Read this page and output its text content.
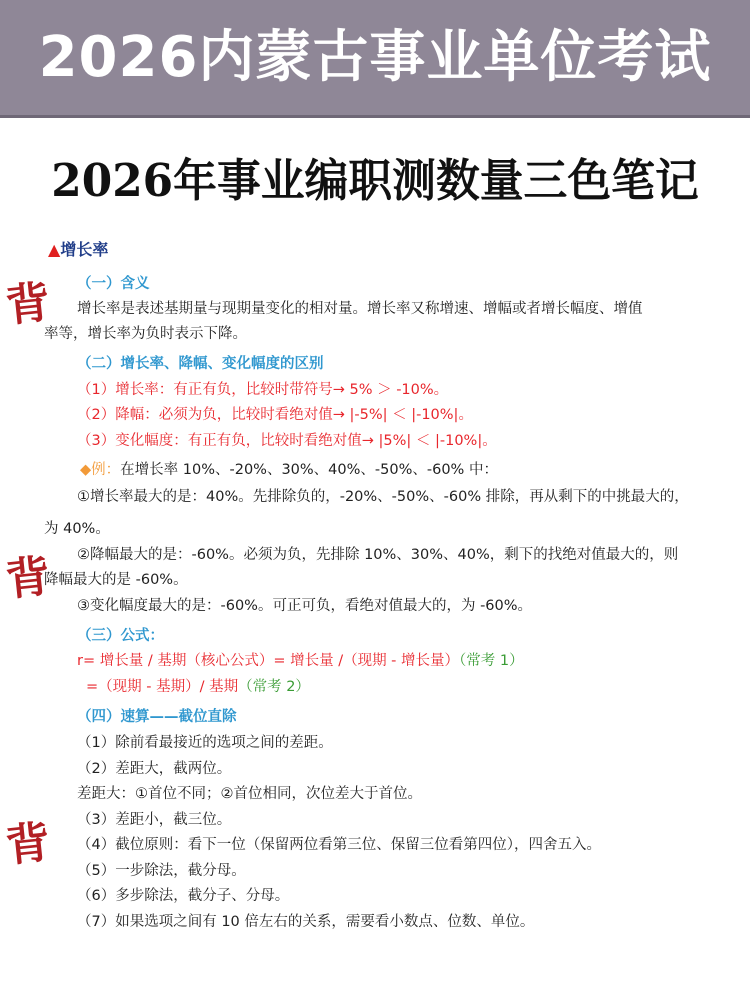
2026内蒙古事业单位考试
2026年事业编职测数量三色笔记
背
背
背
▲增长率
（一）含义
增长率是表述基期量与现期量变化的相对量。增长率又称增速、增幅或者增长幅度、增值
率等，增长率为负时表示下降。
（二）增长率、降幅、变化幅度的区别
（1）增长率：有正有负，比较时带符号→ 5% ＞ -10%。
（2）降幅：必须为负，比较时看绝对值→ |-5%| ＜ |-10%|。
（3）变化幅度：有正有负，比较时看绝对值→ |5%| ＜ |-10%|。
◆例：在增长率 10%、-20%、30%、40%、-50%、-60% 中：
①增长率最大的是：40%。先排除负的，-20%、-50%、-60% 排除，再从剩下的中挑最大的，
为 40%。
②降幅最大的是：-60%。必须为负，先排除 10%、30%、40%，剩下的找绝对值最大的，则
降幅最大的是 -60%。
③变化幅度最大的是：-60%。可正可负，看绝对值最大的，为 -60%。
（三）公式：
r= 增长量 / 基期（核心公式）= 增长量 /（现期 - 增长量）（常考 1）
=（现期 - 基期）/ 基期（常考 2）
（四）速算——截位直除
（1）除前看最接近的选项之间的差距。
（2）差距大，截两位。
差距大：①首位不同；②首位相同，次位差大于首位。
（3）差距小，截三位。
（4）截位原则：看下一位（保留两位看第三位、保留三位看第四位），四舍五入。
（5）一步除法，截分母。
（6）多步除法，截分子、分母。
（7）如果选项之间有 10 倍左右的关系，需要看小数点、位数、单位。
